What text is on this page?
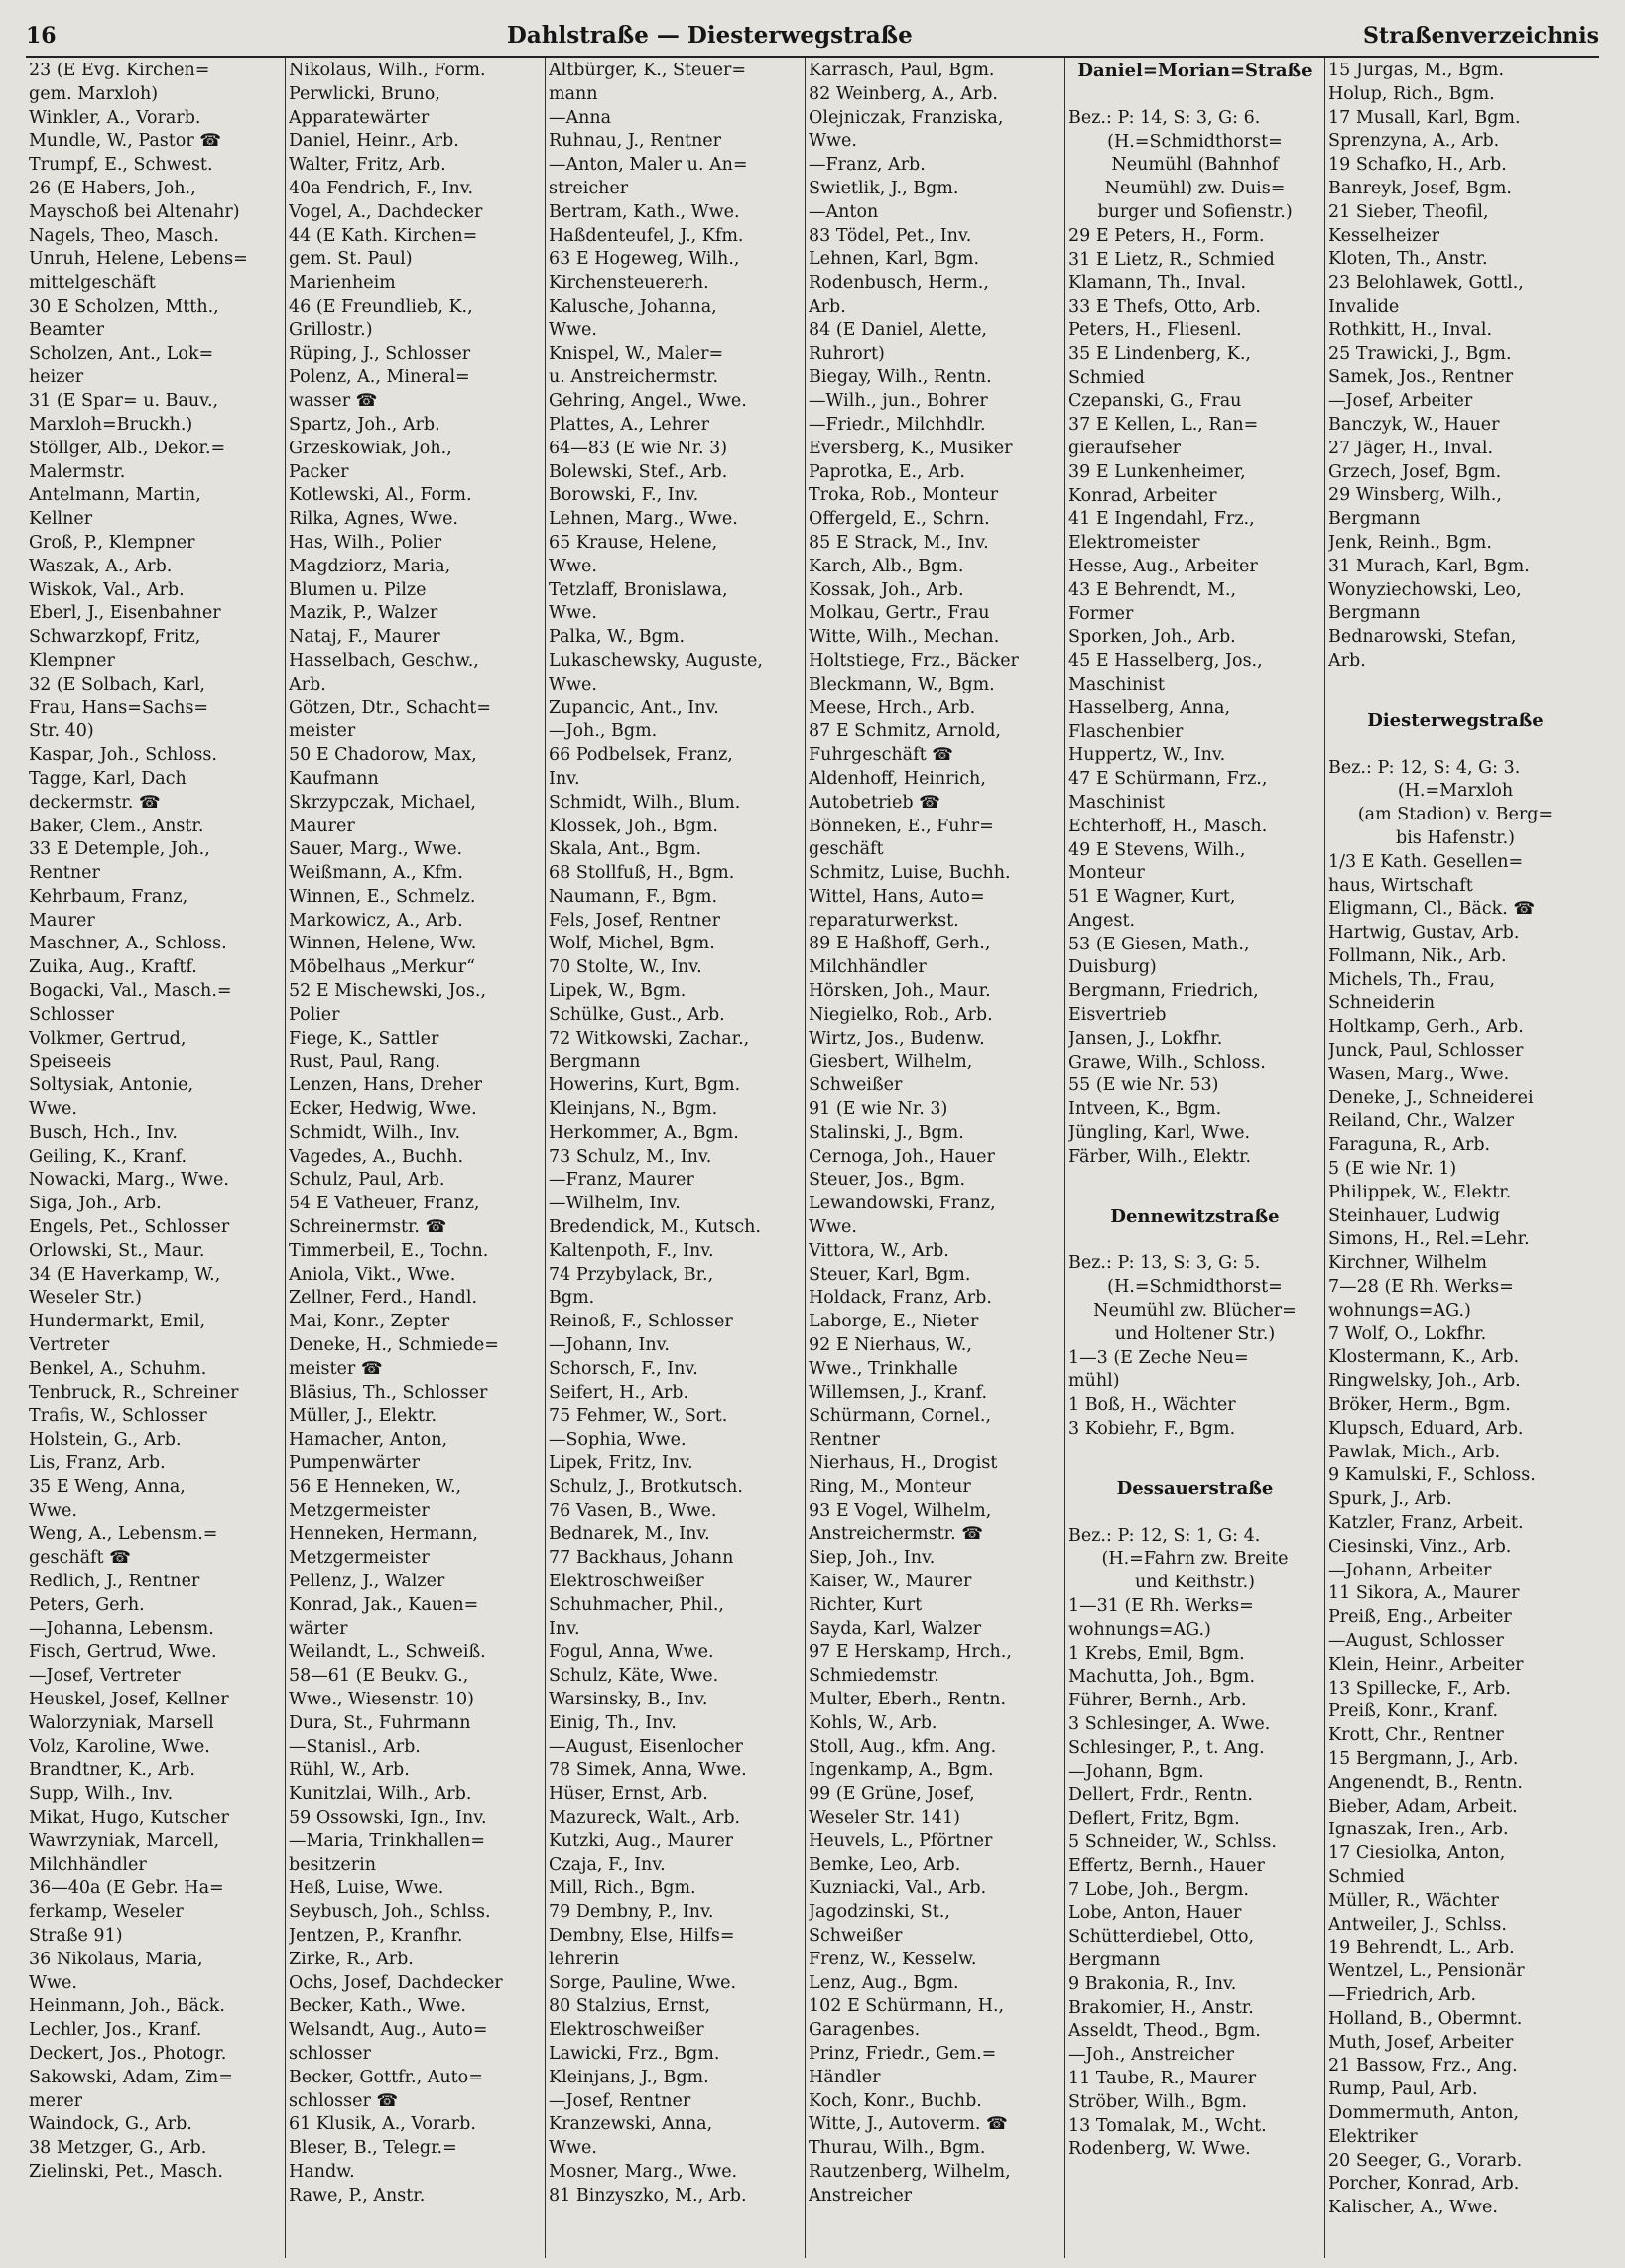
16	Dahlstraße — Diesterwegstraße	Straßenverzeichnis
23 (E Evg. Kirchen=
gem. Marxloh)
Winkler, A., Vorarb.
Mundle, W., Pastor ☎
Trumpf, E., Schwest.
26 (E Habers, Joh.,
Mayschoß bei Altenahr)
Nagels, Theo, Masch.
Unruh, Helene, Lebens=
mittelgeschäft
30 E Scholzen, Mtth.,
Beamter
Scholzen, Ant., Lok=
heizer
31 (E Spar= u. Bauv.,
Marxloh=Bruckh.)
Stöllger, Alb., Dekor.=
Malermstr.
Antelmann, Martin,
Kellner
Groß, P., Klempner
Waszak, A., Arb.
Wiskok, Val., Arb.
Eberl, J., Eisenbahner
Schwarzkopf, Fritz,
Klempner
32 (E Solbach, Karl,
Frau, Hans=Sachs=
Str. 40)
Kaspar, Joh., Schloss.
Tagge, Karl, Dach
deckermstr. ☎
Baker, Clem., Anstr.
33 E Detemple, Joh.,
Rentner
Kehrbaum, Franz,
Maurer
Maschner, A., Schloss.
Zuika, Aug., Kraftf.
Bogacki, Val., Masch.=
Schlosser
Volkmer, Gertrud,
Speiseeis
Soltysiak, Antonie,
Wwe.
Busch, Hch., Inv.
Geiling, K., Kranf.
Nowacki, Marg., Wwe.
Siga, Joh., Arb.
Engels, Pet., Schlosser
Orlowski, St., Maur.
34 (E Haverkamp, W.,
Weseler Str.)
Hundermarkt, Emil,
Vertreter
Benkel, A., Schuhm.
Tenbruck, R., Schreiner
Trafis, W., Schlosser
Holstein, G., Arb.
Lis, Franz, Arb.
35 E Weng, Anna,
Wwe.
Weng, A., Lebensm.=
geschäft ☎
Redlich, J., Rentner
Peters, Gerh.
—Johanna, Lebensm.
Fisch, Gertrud, Wwe.
—Josef, Vertreter
Heuskel, Josef, Kellner
Walorzyniak, Marsell
Volz, Karoline, Wwe.
Brandtner, K., Arb.
Supp, Wilh., Inv.
Mikat, Hugo, Kutscher
Wawrzyniak, Marcell,
Milchhändler
36—40a (E Gebr. Ha=
ferkamp, Weseler
Straße 91)
36 Nikolaus, Maria,
Wwe.
Heinmann, Joh., Bäck.
Lechler, Jos., Kranf.
Deckert, Jos., Photogr.
Sakowski, Adam, Zim=
merer
Waindock, G., Arb.
38 Metzger, G., Arb.
Zielinski, Pet., Masch.
Nikolaus, Wilh., Form.
Perwlicki, Bruno,
Apparatewärter
Daniel, Heinr., Arb.
Walter, Fritz, Arb.
40a Fendrich, F., Inv.
Vogel, A., Dachdecker
44 (E Kath. Kirchen=
gem. St. Paul)
Marienheim
46 (E Freundlieb, K.,
Grillostr.)
Rüping, J., Schlosser
Polenz, A., Mineral=
wasser ☎
Spartz, Joh., Arb.
Grzeskowiak, Joh.,
Packer
Kotlewski, Al., Form.
Rilka, Agnes, Wwe.
Has, Wilh., Polier
Magdziorz, Maria,
Blumen u. Pilze
Mazik, P., Walzer
Nataj, F., Maurer
Hasselbach, Geschw.,
Arb.
Götzen, Dtr., Schacht=
meister
50 E Chadorow, Max,
Kaufmann
Skrzypczak, Michael,
Maurer
Sauer, Marg., Wwe.
Weißmann, A., Kfm.
Winnen, E., Schmelz.
Markowicz, A., Arb.
Winnen, Helene, Ww.
Möbelhaus „Merkur“
52 E Mischewski, Jos.,
Polier
Fiege, K., Sattler
Rust, Paul, Rang.
Lenzen, Hans, Dreher
Ecker, Hedwig, Wwe.
Schmidt, Wilh., Inv.
Vagedes, A., Buchh.
Schulz, Paul, Arb.
54 E Vatheuer, Franz,
Schreinermstr. ☎
Timmerbeil, E., Tochn.
Aniola, Vikt., Wwe.
Zellner, Ferd., Handl.
Mai, Konr., Zepter
Deneke, H., Schmiede=
meister ☎
Bläsius, Th., Schlosser
Müller, J., Elektr.
Hamacher, Anton,
Pumpenwärter
56 E Henneken, W.,
Metzgermeister
Henneken, Hermann,
Metzgermeister
Pellenz, J., Walzer
Konrad, Jak., Kauen=
wärter
Weilandt, L., Schweiß.
58—61 (E Beukv. G.,
Wwe., Wiesenstr. 10)
Dura, St., Fuhrmann
—Stanisl., Arb.
Rühl, W., Arb.
Kunitzlai, Wilh., Arb.
59 Ossowski, Ign., Inv.
—Maria, Trinkhallen=
besitzerin
Heß, Luise, Wwe.
Seybusch, Joh., Schlss.
Jentzen, P., Kranfhr.
Zirke, R., Arb.
Ochs, Josef, Dachdecker
Becker, Kath., Wwe.
Welsandt, Aug., Auto=
schlosser
Becker, Gottfr., Auto=
schlosser ☎
61 Klusik, A., Vorarb.
Bleser, B., Telegr.=
Handw.
Rawe, P., Anstr.
Altbürger, K., Steuer=
mann
—Anna
Ruhnau, J., Rentner
—Anton, Maler u. An=
streicher
Bertram, Kath., Wwe.
Haßdenteufel, J., Kfm.
63 E Hogeweg, Wilh.,
Kirchensteuererh.
Kalusche, Johanna,
Wwe.
Knispel, W., Maler=
u. Anstreichermstr.
Gehring, Angel., Wwe.
Plattes, A., Lehrer
64—83 (E wie Nr. 3)
Bolewski, Stef., Arb.
Borowski, F., Inv.
Lehnen, Marg., Wwe.
65 Krause, Helene,
Wwe.
Tetzlaff, Bronislawa,
Wwe.
Palka, W., Bgm.
Lukaschewsky, Auguste,
Wwe.
Zupancic, Ant., Inv.
—Joh., Bgm.
66 Podbelsek, Franz,
Inv.
Schmidt, Wilh., Blum.
Klossek, Joh., Bgm.
Skala, Ant., Bgm.
68 Stollfuß, H., Bgm.
Naumann, F., Bgm.
Fels, Josef, Rentner
Wolf, Michel, Bgm.
70 Stolte, W., Inv.
Lipek, W., Bgm.
Schülke, Gust., Arb.
72 Witkowski, Zachar.,
Bergmann
Howerins, Kurt, Bgm.
Kleinjans, N., Bgm.
Herkommer, A., Bgm.
73 Schulz, M., Inv.
—Franz, Maurer
—Wilhelm, Inv.
Bredendick, M., Kutsch.
Kaltenpoth, F., Inv.
74 Przybylack, Br.,
Bgm.
Reinoß, F., Schlosser
—Johann, Inv.
Schorsch, F., Inv.
Seifert, H., Arb.
75 Fehmer, W., Sort.
—Sophia, Wwe.
Lipek, Fritz, Inv.
Schulz, J., Brotkutsch.
76 Vasen, B., Wwe.
Bednarek, M., Inv.
77 Backhaus, Johann
Elektroschweißer
Schuhmacher, Phil.,
Inv.
Fogul, Anna, Wwe.
Schulz, Käte, Wwe.
Warsinsky, B., Inv.
Einig, Th., Inv.
—August, Eisenlocher
78 Simek, Anna, Wwe.
Hüser, Ernst, Arb.
Mazureck, Walt., Arb.
Kutzki, Aug., Maurer
Czaja, F., Inv.
Mill, Rich., Bgm.
79 Dembny, P., Inv.
Dembny, Else, Hilfs=
lehrerin
Sorge, Pauline, Wwe.
80 Stalzius, Ernst,
Elektroschweißer
Lawicki, Frz., Bgm.
Kleinjans, J., Bgm.
—Josef, Rentner
Kranzewski, Anna,
Wwe.
Mosner, Marg., Wwe.
81 Binzyszko, M., Arb.
Karrasch, Paul, Bgm.
82 Weinberg, A., Arb.
Olejniczak, Franziska,
Wwe.
—Franz, Arb.
Swietlik, J., Bgm.
—Anton
83 Tödel, Pet., Inv.
Lehnen, Karl, Bgm.
Rodenbusch, Herm.,
Arb.
84 (E Daniel, Alette,
Ruhrort)
Biegay, Wilh., Rentn.
—Wilh., jun., Bohrer
—Friedr., Milchhdlr.
Eversberg, K., Musiker
Paprotka, E., Arb.
Troka, Rob., Monteur
Offergeld, E., Schrn.
85 E Strack, M., Inv.
Karch, Alb., Bgm.
Kossak, Joh., Arb.
Molkau, Gertr., Frau
Witte, Wilh., Mechan.
Holtstiege, Frz., Bäcker
Bleckmann, W., Bgm.
Meese, Hrch., Arb.
87 E Schmitz, Arnold,
Fuhrgeschäft ☎
Aldenhoff, Heinrich,
Autobetrieb ☎
Bönneken, E., Fuhr=
geschäft
Schmitz, Luise, Buchh.
Wittel, Hans, Auto=
reparaturwerkst.
89 E Haßhoff, Gerh.,
Milchhändler
Hörsken, Joh., Maur.
Niegielko, Rob., Arb.
Wirtz, Jos., Budenw.
Giesbert, Wilhelm,
Schweißer
91 (E wie Nr. 3)
Stalinski, J., Bgm.
Cernoga, Joh., Hauer
Steuer, Jos., Bgm.
Lewandowski, Franz,
Wwe.
Vittora, W., Arb.
Steuer, Karl, Bgm.
Holdack, Franz, Arb.
Laborge, E., Nieter
92 E Nierhaus, W.,
Wwe., Trinkhalle
Willemsen, J., Kranf.
Schürmann, Cornel.,
Rentner
Nierhaus, H., Drogist
Ring, M., Monteur
93 E Vogel, Wilhelm,
Anstreichermstr. ☎
Siep, Joh., Inv.
Kaiser, W., Maurer
Richter, Kurt
Sayda, Karl, Walzer
97 E Herskamp, Hrch.,
Schmiedemstr.
Multer, Eberh., Rentn.
Kohls, W., Arb.
Stoll, Aug., kfm. Ang.
Ingenkamp, A., Bgm.
99 (E Grüne, Josef,
Weseler Str. 141)
Heuvels, L., Pförtner
Bemke, Leo, Arb.
Kuzniacki, Val., Arb.
Jagodzinski, St.,
Schweißer
Frenz, W., Kesselw.
Lenz, Aug., Bgm.
102 E Schürmann, H.,
Garagenbes.
Prinz, Friedr., Gem.=
Händler
Koch, Konr., Buchb.
Witte, J., Autoverm. ☎
Thurau, Wilh., Bgm.
Rautzenberg, Wilhelm,
Anstreicher
Daniel=Morian=Straße
Bez.: P: 14, S: 3, G: 6.
(H.=Schmidthorst=
Neumühl (Bahnhof
Neumühl) zw. Duis=
burger und Sofienstr.)
29 E Peters, H., Form.
31 E Lietz, R., Schmied
Klamann, Th., Inval.
33 E Thefs, Otto, Arb.
Peters, H., Fliesenl.
35 E Lindenberg, K.,
Schmied
Czepanski, G., Frau
37 E Kellen, L., Ran=
gieraufseher
39 E Lunkenheimer,
Konrad, Arbeiter
41 E Ingendahl, Frz.,
Elektromeister
Hesse, Aug., Arbeiter
43 E Behrendt, M.,
Former
Sporken, Joh., Arb.
45 E Hasselberg, Jos.,
Maschinist
Hasselberg, Anna,
Flaschenbier
Huppertz, W., Inv.
47 E Schürmann, Frz.,
Maschinist
Echterhoff, H., Masch.
49 E Stevens, Wilh.,
Monteur
51 E Wagner, Kurt,
Angest.
53 (E Giesen, Math.,
Duisburg)
Bergmann, Friedrich,
Eisvertrieb
Jansen, J., Lokfhr.
Grawe, Wilh., Schloss.
55 (E wie Nr. 53)
Intveen, K., Bgm.
Jüngling, Karl, Wwe.
Färber, Wilh., Elektr.
Dennewitzstraße
Bez.: P: 13, S: 3, G: 5.
(H.=Schmidthorst=
Neumühl zw. Blücher=
und Holtener Str.)
1—3 (E Zeche Neu=
mühl)
1 Boß, H., Wächter
3 Kobiehr, F., Bgm.
Dessauerstraße
Bez.: P: 12, S: 1, G: 4.
(H.=Fahrn zw. Breite
und Keithstr.)
1—31 (E Rh. Werks=
wohnungs=AG.)
1 Krebs, Emil, Bgm.
Machutta, Joh., Bgm.
Führer, Bernh., Arb.
3 Schlesinger, A. Wwe.
Schlesinger, P., t. Ang.
—Johann, Bgm.
Dellert, Frdr., Rentn.
Deflert, Fritz, Bgm.
5 Schneider, W., Schlss.
Effertz, Bernh., Hauer
7 Lobe, Joh., Bergm.
Lobe, Anton, Hauer
Schütterdiebel, Otto,
Bergmann
9 Brakonia, R., Inv.
Brakomier, H., Anstr.
Asseldt, Theod., Bgm.
—Joh., Anstreicher
11 Taube, R., Maurer
Ströber, Wilh., Bgm.
13 Tomalak, M., Wcht.
Rodenberg, W. Wwe.
15 Jurgas, M., Bgm.
Holup, Rich., Bgm.
17 Musall, Karl, Bgm.
Sprenzyna, A., Arb.
19 Schafko, H., Arb.
Banreyk, Josef, Bgm.
21 Sieber, Theofil,
Kesselheizer
Kloten, Th., Anstr.
23 Belohlawek, Gottl.,
Invalide
Rothkitt, H., Inval.
25 Trawicki, J., Bgm.
Samek, Jos., Rentner
—Josef, Arbeiter
Banczyk, W., Hauer
27 Jäger, H., Inval.
Grzech, Josef, Bgm.
29 Winsberg, Wilh.,
Bergmann
Jenk, Reinh., Bgm.
31 Murach, Karl, Bgm.
Wonyziechowski, Leo,
Bergmann
Bednarowski, Stefan,
Arb.
Diesterwegstraße
Bez.: P: 12, S: 4, G: 3.
(H.=Marxloh
(am Stadion) v. Berg=
bis Hafenstr.)
1/3 E Kath. Gesellen=
haus, Wirtschaft
Eligmann, Cl., Bäck. ☎
Hartwig, Gustav, Arb.
Follmann, Nik., Arb.
Michels, Th., Frau,
Schneiderin
Holtkamp, Gerh., Arb.
Junck, Paul, Schlosser
Wasen, Marg., Wwe.
Deneke, J., Schneiderei
Reiland, Chr., Walzer
Faraguna, R., Arb.
5 (E wie Nr. 1)
Philippek, W., Elektr.
Steinhauer, Ludwig
Simons, H., Rel.=Lehr.
Kirchner, Wilhelm
7—28 (E Rh. Werks=
wohnungs=AG.)
7 Wolf, O., Lokfhr.
Klostermann, K., Arb.
Ringwelsky, Joh., Arb.
Bröker, Herm., Bgm.
Klupsch, Eduard, Arb.
Pawlak, Mich., Arb.
9 Kamulski, F., Schloss.
Spurk, J., Arb.
Katzler, Franz, Arbeit.
Ciesinski, Vinz., Arb.
—Johann, Arbeiter
11 Sikora, A., Maurer
Preiß, Eng., Arbeiter
—August, Schlosser
Klein, Heinr., Arbeiter
13 Spillecke, F., Arb.
Preiß, Konr., Kranf.
Krott, Chr., Rentner
15 Bergmann, J., Arb.
Angenendt, B., Rentn.
Bieber, Adam, Arbeit.
Ignaszak, Iren., Arb.
17 Ciesiolka, Anton,
Schmied
Müller, R., Wächter
Antweiler, J., Schlss.
19 Behrendt, L., Arb.
Wentzel, L., Pensionär
—Friedrich, Arb.
Holland, B., Obermnt.
Muth, Josef, Arbeiter
21 Bassow, Frz., Ang.
Rump, Paul, Arb.
Dommermuth, Anton,
Elektriker
20 Seeger, G., Vorarb.
Porcher, Konrad, Arb.
Kalischer, A., Wwe.
